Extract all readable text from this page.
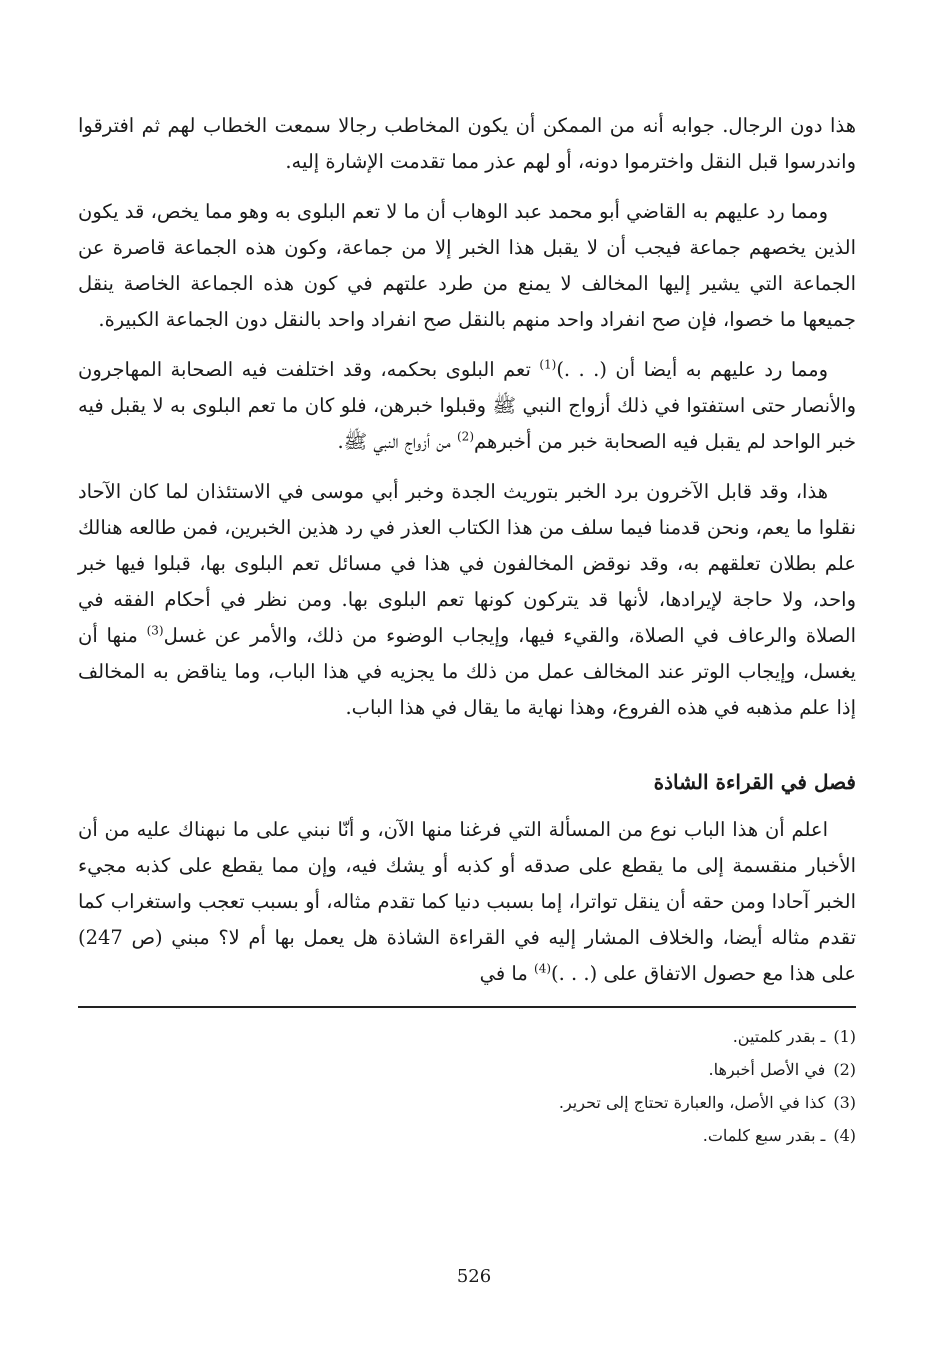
هذا دون الرجال. جوابه أنه من الممكن أن يكون المخاطب رجالا سمعت الخطاب لهم ثم افترقوا واندرسوا قبل النقل واخترموا دونه، أو لهم عذر مما تقدمت الإشارة إليه.

ومما رد عليهم به القاضي أبو محمد عبد الوهاب أن ما لا تعم البلوى به وهو مما يخص، قد يكون الذين يخصهم جماعة فيجب أن لا يقبل هذا الخبر إلا من جماعة، وكون هذه الجماعة قاصرة عن الجماعة التي يشير إليها المخالف لا يمنع من طرد علتهم في كون هذه الجماعة الخاصة ينقل جميعها ما خصوا، فإن صح انفراد واحد منهم بالنقل صح انفراد واحد بالنقل دون الجماعة الكبيرة.

ومما رد عليهم به أيضا أن (. . .)$^{(1)}$ تعم البلوى بحكمه، وقد اختلفت فيه الصحابة المهاجرون والأنصار حتى استفتوا في ذلك أزواج النبي ﷺ وقبلوا خبرهن، فلو كان ما تعم البلوى به لا يقبل فيه خبر الواحد لم يقبل فيه الصحابة خبر من أخبرهم$^{(2)}$ من أزواج النبي ﷺ.

هذا، وقد قابل الآخرون برد الخبر بتوريث الجدة وخبر أبي موسى في الاستئذان لما كان الآحاد نقلوا ما يعم، ونحن قدمنا فيما سلف من هذا الكتاب العذر في رد هذين الخبرين، فمن طالعه هنالك علم بطلان تعلقهم به، وقد نوقض المخالفون في هذا في مسائل تعم البلوى بها، قبلوا فيها خبر واحد، ولا حاجة لإيرادها، لأنها قد يتركون كونها تعم البلوى بها. ومن نظر في أحكام الفقه في الصلاة والرعاف في الصلاة، والقيء فيها، وإيجاب الوضوء من ذلك، والأمر عن غسل$^{(3)}$ منها أن يغسل، وإيجاب الوتر عند المخالف عمل من ذلك ما يجزيه في هذا الباب، وما يناقض به المخالف إذا علم مذهبه في هذه الفروع، وهذا نهاية ما يقال في هذا الباب.

فصل في القراءة الشاذة

اعلم أن هذا الباب نوع من المسألة التي فرغنا منها الآن، و أنّا نبني على ما نبهناك عليه من أن الأخبار منقسمة إلى ما يقطع على صدقه أو كذبه أو يشك فيه، وإن مما يقطع على كذبه مجيء الخبر آحادا ومن حقه أن ينقل تواترا، إما بسبب دنيا كما تقدم مثاله، أو بسبب تعجب واستغراب كما تقدم مثاله أيضا، والخلاف المشار إليه في القراءة الشاذة هل يعمل بها أم لا؟ مبني (ص 247) على هذا مع حصول الاتفاق على (. . .)$^{(4)}$ ما في

(1)ـ بقدر كلمتين.

(2)في الأصل أخبرها.

(3)كذا في الأصل، والعبارة تحتاج إلى تحرير.

(4)ـ بقدر سبع كلمات.

526
